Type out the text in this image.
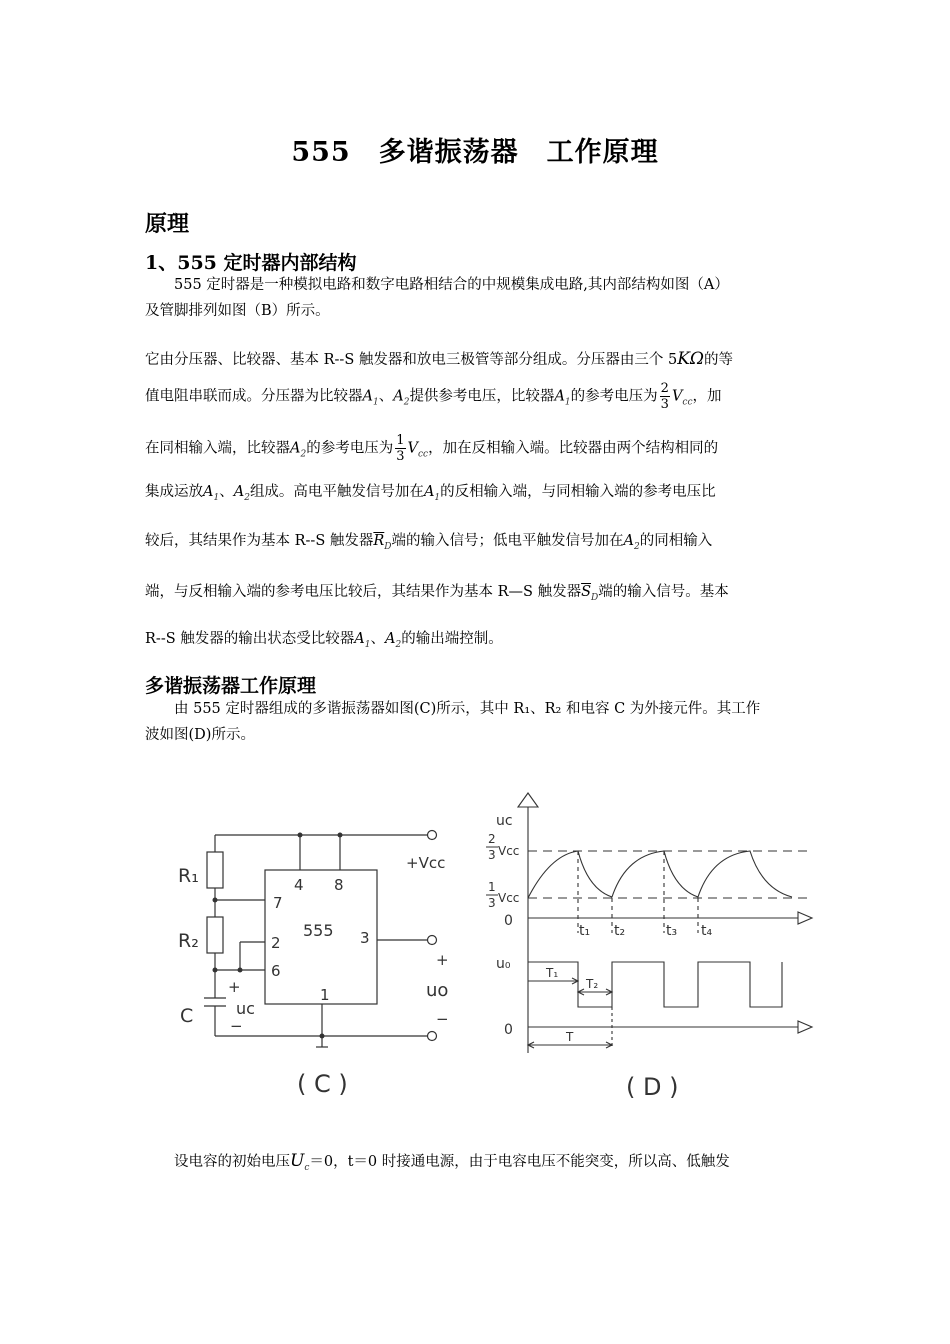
555　多谐振荡器　工作原理
原理
1、555 定时器内部结构
555 定时器是一种模拟电路和数字电路相结合的中规模集成电路,其内部结构如图（A）
及管脚排列如图（B）所示。
它由分压器、比较器、基本 R--S 触发器和放电三极管等部分组成。分压器由三个 5KΩ的等
值电阻串联而成。分压器为比较器$A_1$、$A_2$提供参考电压，比较器$A_1$的参考电压为 $\frac{2}{3} V_{cc}$，加
在同相输入端，比较器$A_2$的参考电压为 $\frac{1}{3} V_{cc}$，加在反相输入端。比较器由两个结构相同的
集成运放$A_1$、$A_2$组成。高电平触发信号加在$A_1$的反相输入端，与同相输入端的参考电压比
较后，其结果作为基本 R--S 触发器$\overline{R}_D$端的输入信号；低电平触发信号加在$A_2$的同相输入
端，与反相输入端的参考电压比较后，其结果作为基本 R—S 触发器$\overline{S}_D$端的输入信号。基本
R--S 触发器的输出状态受比较器$A_1$、$A_2$的输出端控制。
多谐振荡器工作原理
由 555 定时器组成的多谐振荡器如图(C)所示，其中 R₁、R₂ 和电容 C 为外接元件。其工作
波如图(D)所示。
R₁
R₂
C
555
4 8
7
2
6
3
1
+Vcc
+
uc
−
+
uo
−
( C )
uc
2
3 Vcc
1
3 Vcc
0
u₀
0
t₁ t₂	t₃ t₄
T₁
T₂
T
( D )
设电容的初始电压$U_c=0$，t＝0 时接通电源，由于电容电压不能突变，所以高、低触发
